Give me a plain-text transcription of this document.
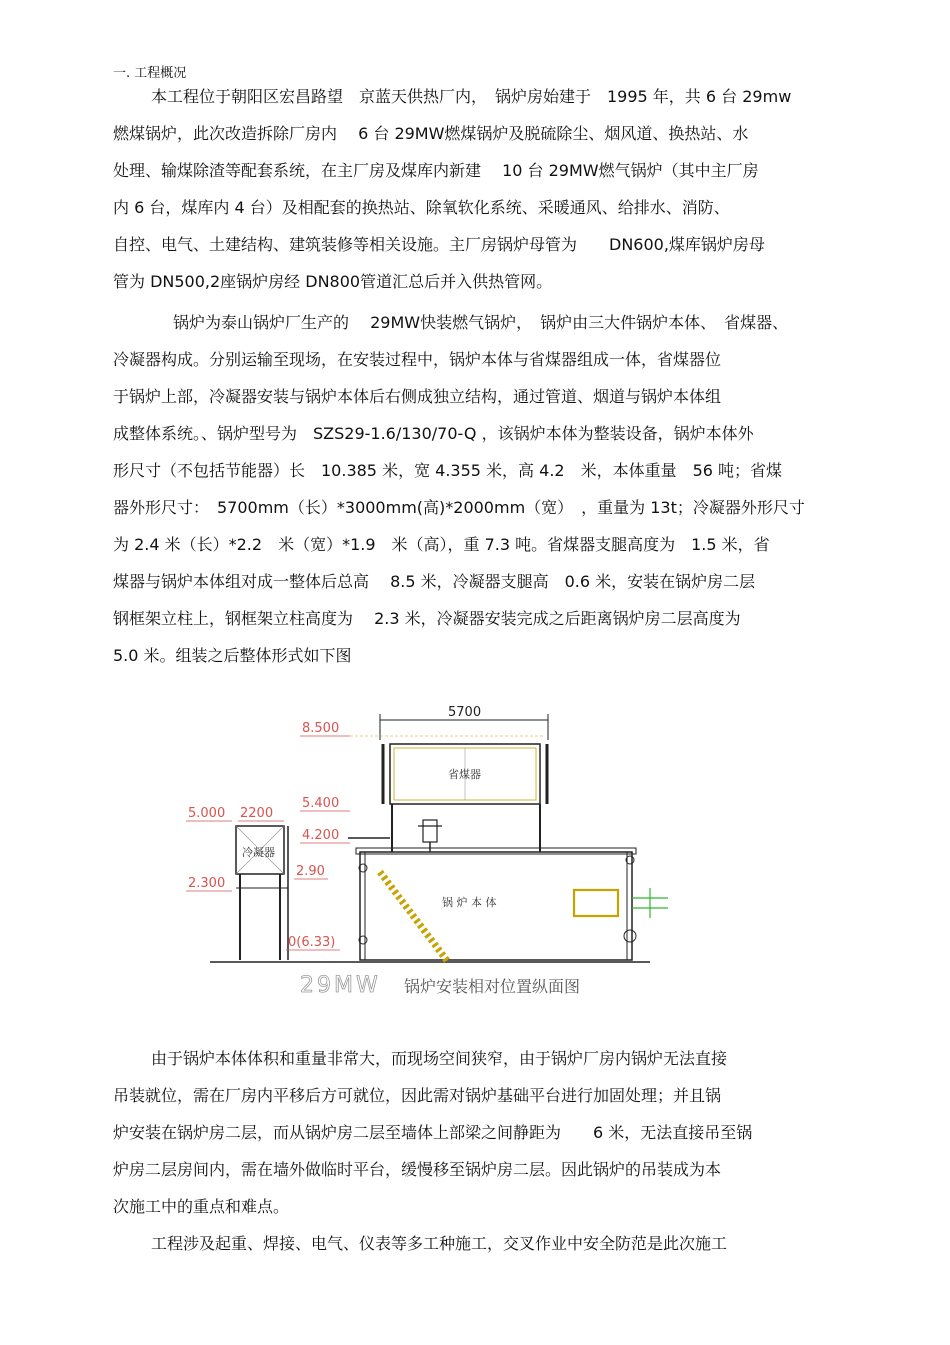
一. 工程概况
本工程位于朝阳区宏昌路望　京蓝天供热厂内，　锅炉房始建于　1995 年，共 6 台 29mw
燃煤锅炉，此次改造拆除厂房内　 6 台 29MW燃煤锅炉及脱硫除尘、烟风道、换热站、水
处理、输煤除渣等配套系统，在主厂房及煤库内新建　 10 台 29MW燃气锅炉（其中主厂房
内 6 台，煤库内 4 台）及相配套的换热站、除氧软化系统、采暖通风、给排水、消防、
自控、电气、土建结构、建筑装修等相关设施。主厂房锅炉母管为　　DN600,煤库锅炉房母
管为 DN500,2座锅炉房经 DN800管道汇总后并入供热管网。
锅炉为泰山锅炉厂生产的　 29MW快装燃气锅炉，　锅炉由三大件锅炉本体、　省煤器、
冷凝器构成。分别运输至现场，在安装过程中，锅炉本体与省煤器组成一体，省煤器位
于锅炉上部，冷凝器安装与锅炉本体后右侧成独立结构，通过管道、烟道与锅炉本体组
成整体系统。、锅炉型号为　SZS29-1.6/130/70-Q ，该锅炉本体为整装设备，锅炉本体外
形尺寸（不包括节能器）长　10.385 米，宽 4.355 米，高 4.2　米，本体重量　56 吨；省煤
器外形尺寸：　5700mm（长）*3000mm(高)*2000mm（宽）　，重量为 13t；冷凝器外形尺寸
为 2.4 米（长）*2.2　米（宽）*1.9　米（高），重 7.3 吨。省煤器支腿高度为　1.5 米，省
煤器与锅炉本体组对成一整体后总高　 8.5 米，冷凝器支腿高　0.6 米，安装在锅炉房二层
钢框架立柱上，钢框架立柱高度为　 2.3 米，冷凝器安装完成之后距离锅炉房二层高度为
5.0 米。组装之后整体形式如下图
5700
8.500
省煤器
5.400
4.200
锅 炉 本 体
5.000 2200
冷凝器
2.90
2.300
0(6.33)
29MW 锅炉安装相对位置纵面图
由于锅炉本体体积和重量非常大，而现场空间狭窄，由于锅炉厂房内锅炉无法直接
吊装就位，需在厂房内平移后方可就位，因此需对锅炉基础平台进行加固处理；并且锅
炉安装在锅炉房二层，而从锅炉房二层至墙体上部梁之间静距为　　6 米，无法直接吊至锅
炉房二层房间内，需在墙外做临时平台，缓慢移至锅炉房二层。因此锅炉的吊装成为本
次施工中的重点和难点。
工程涉及起重、焊接、电气、仪表等多工种施工，交叉作业中安全防范是此次施工
